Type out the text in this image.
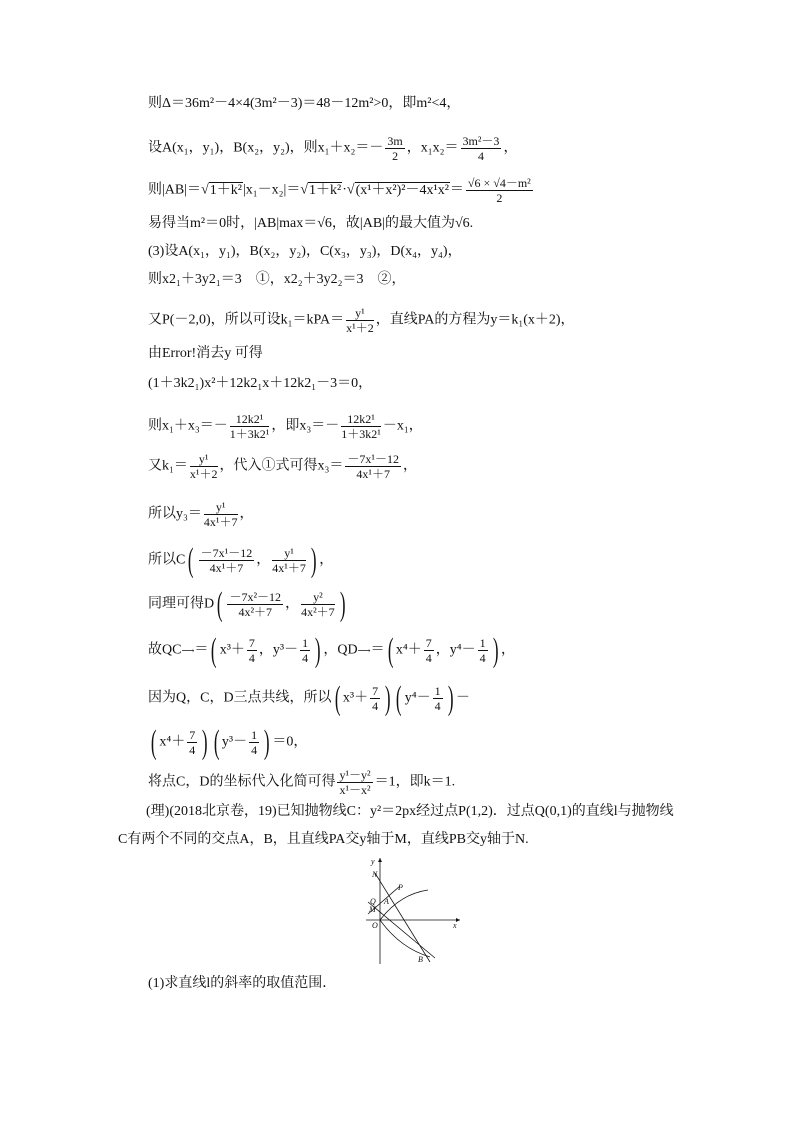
则Δ＝36m²－4×4(3m²－3)＝48－12m²>0，即m²<4，
设A(x₁，y₁)，B(x₂，y₂)，则$x_1+x_2=- \frac{3m}{2}$ ，$x_1x_2= \frac{\text{3m²－3}}{4}$ ，
则$|AB|=√1+k^2|x_1-x_2|=√1+k^2\cdot√(x^1+x^2)^2-4x^1x^2= \frac{\text{√6 × √4－m²}}{2}$
易得当m²＝0时，|AB|max＝√6，故|AB|的最大值为√6.
(3)设A(x₁，y₁)，B(x₂，y₂)，C(x₃，y₃)，D(x₄，y₄)，
则x2₁＋3y2₁＝3　①，x2₂＋3y2₂＝3　②，
又P(－2,0)，所以可设$k_1=kPA= \frac{\text{y¹}}{\text{x¹＋2}}$ ，直线PA的方程为y＝k₁(x＋2)，
由Error!消去y 可得
(1＋3k2₁)x²＋12k2₁x＋12k2₁－3＝0，
则$x_1+x_3=- \frac{\text{12k2¹}}{\text{1＋3k2¹}}$ ，即$x_3=- \frac{\text{12k2¹}}{\text{1＋3k2¹}} -x_1$，
又$k_1= \frac{\text{y¹}}{\text{x¹＋2}}$ ，代入①式可得$x_3= \frac{\text{－7x¹－12}}{\text{4x¹＋7}}$ ，
所以$y_3= \frac{\text{y¹}}{\text{4x¹＋7}}$ ，
所以$C( \frac{\text{－7x¹－12}}{\text{4x¹＋7}}$ ， $\frac{\text{y¹}}{\text{4x¹＋7}}$ ) ，
同理可得$D( \frac{\text{－7x²－12}}{\text{4x²＋7}}$ ， $\frac{\text{y²}}{\text{4x²＋7}}$ )
故QC⟶＝( $x^3+ \frac{7}{4}$ ，$y^3- \frac{1}{4}$ ) ，QD⟶＝( $x^4+ \frac{7}{4}$ ，$y^4- \frac{1}{4}$ ) ，
因为Q，C，D三点共线，所以( $x^3+ \frac{7}{4}$ ) ( $y^4- \frac{1}{4}$ ) －
( $x^4+ \frac{7}{4}$ ) ( $y^3- \frac{1}{4}$ ) ＝0，
将点C，D的坐标代入化简可得 $\frac{\text{y¹－y²}}{\text{x¹－x²}} =1$，即k＝1.
(理)(2018北京卷，19)已知抛物线C：y²＝2px经过点P(1,2)．过点Q(0,1)的直线l与抛物线C有两个不同的交点A，B，且直线PA交y轴于M，直线PB交y轴于N.
y
x
N
P
Q A
M
O
B
(1)求直线l的斜率的取值范围．
